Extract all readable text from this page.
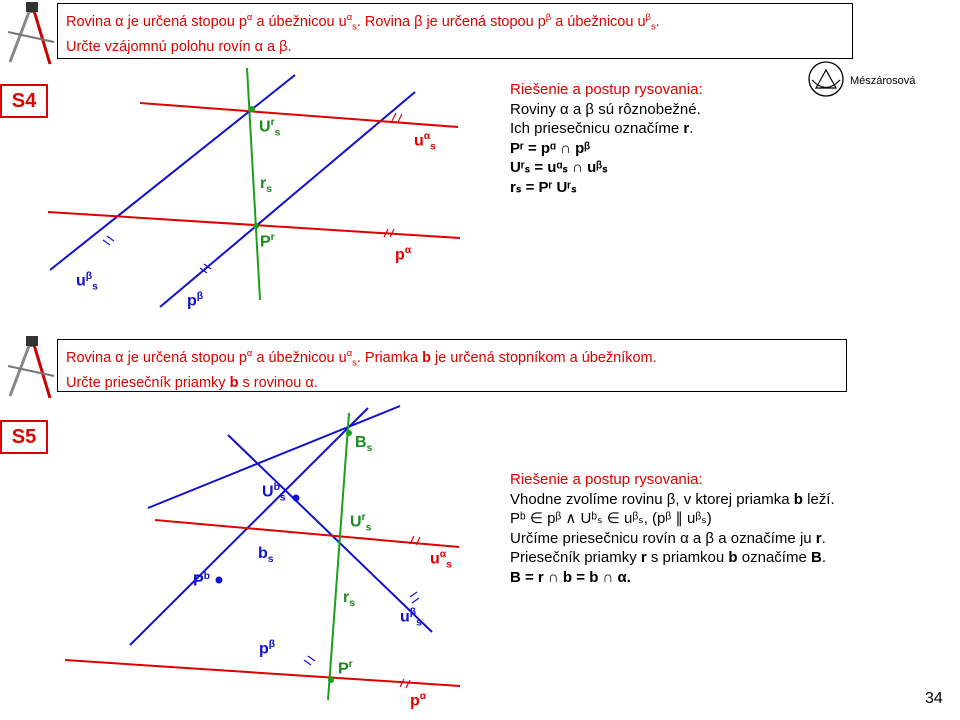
Rovina α je určená stopou $p^\alpha$ a úbežnicou $u^\alpha_s$. Rovina β je určená stopou $p^\beta$ a úbežnicou $u^\beta_s$.

Určte vzájomnú polohu rovín α a β.

S4	Riešenie a postup rysovania:
Roviny α a β sú rôznobežné.
Ich priesečnicu označíme r.
Pʳ = pᵅ ∩ pᵝ
Uʳₛ = uᵅₛ ∩ uᵝₛ
rₛ = Pʳ Uʳₛ
$U^r_s$	$u^\alpha_s$
$r_s$
$P^r$
$p^\alpha$
$u^\beta_s$
$p^\beta$

Rovina α je určená stopou $p^\alpha$ a úbežnicou $u^\alpha_s$. Priamka b je určená stopníkom a úbežníkom.

Určte priesečník priamky b s rovinou α.

S5
Riešenie a postup rysovania:
Vhodne zvolíme rovinu β, v ktorej priamka b leží.
Pᵇ ∈ pᵝ ∧ Uᵇₛ ∈ uᵝₛ, (pᵝ ∥ uᵝₛ)
Určíme priesečnicu rovín α a β a označíme ju r.
Priesečník priamky r s priamkou b označíme B.
B = r ∩ b = b ∩ α.
$B_s$
$U^b_s$
$U^r_s$
$b_s$	$u^\alpha_s$
$P^b$
$r_s$
$u^\beta_s$
$p^\beta$
$P^r$
$p^\alpha$
Mészárosová
34
